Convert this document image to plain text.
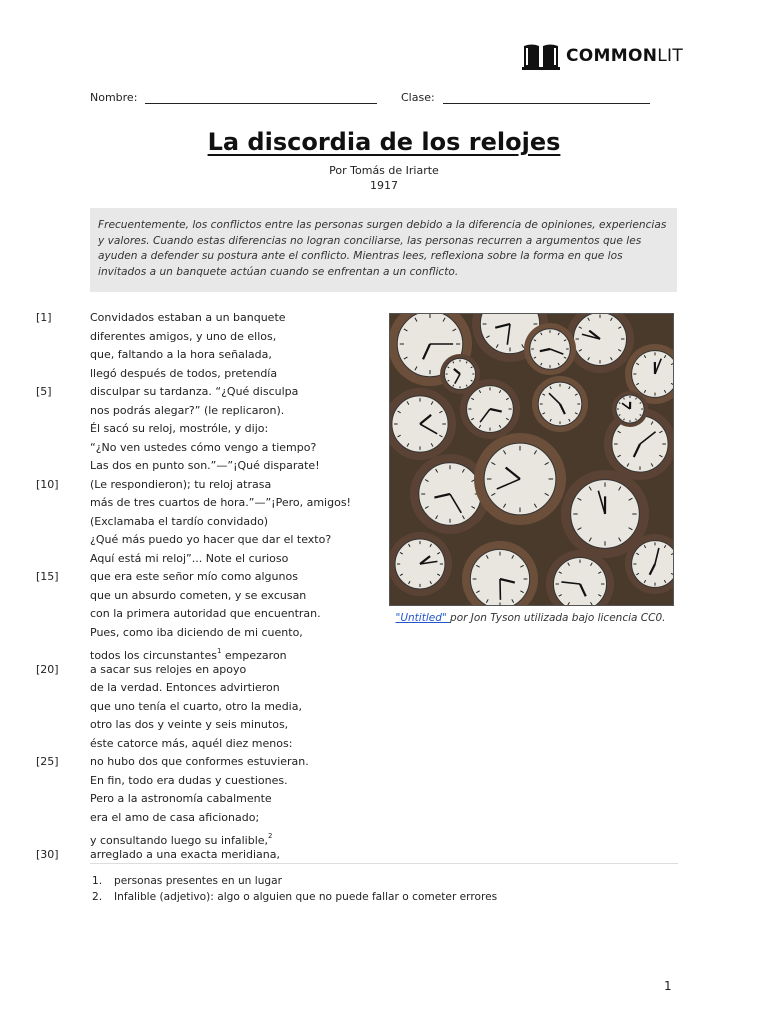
COMMONLIT
Nombre:	Clase:
La discordia de los relojes
Por Tomás de Iriarte
1917
Frecuentemente, los conflictos entre las personas surgen debido a la diferencia de opiniones, experiencias y valores. Cuando estas diferencias no logran conciliarse, las personas recurren a argumentos que les ayuden a defender su postura ante el conflicto. Mientras lees, reflexiona sobre la forma en que los invitados a un banquete actúan cuando se enfrentan a un conflicto.
[1]	Convidados estaban a un banquete
diferentes amigos, y uno de ellos,
que, faltando a la hora señalada,
llegó después de todos, pretendía
[5]	disculpar su tardanza. “¿Qué disculpa
nos podrás alegar?” (le replicaron).
Él sacó su reloj, mostróle, y dijo:
“¿No ven ustedes cómo vengo a tiempo?
Las dos en punto son.”—”¡Qué disparate!
[10]	(Le respondieron); tu reloj atrasa
más de tres cuartos de hora.”—”¡Pero, amigos!
(Exclamaba el tardío convidado)
¿Qué más puedo yo hacer que dar el texto?
Aquí está mi reloj”... Note el curioso
[15]	que era este señor mío como algunos
que un absurdo cometen, y se excusan
con la primera autoridad que encuentran.
Pues, como iba diciendo de mi cuento,
todos los circunstantes$^1$ empezaron
[20]	a sacar sus relojes en apoyo
de la verdad. Entonces advirtieron
que uno tenía el cuarto, otro la media,
otro las dos y veinte y seis minutos,
éste catorce más, aquél diez menos:
[25]	no hubo dos que conformes estuvieran.
En fin, todo era dudas y cuestiones.
Pero a la astronomía cabalmente
era el amo de casa aficionado;
y consultando luego su infalible,$^2$
[30]	arreglado a una exacta meridiana,
"Untitled" por Jon Tyson utilizada bajo licencia CC0.
1.	personas presentes en un lugar
2.	Infalible (adjetivo): algo o alguien que no puede fallar o cometer errores
1
